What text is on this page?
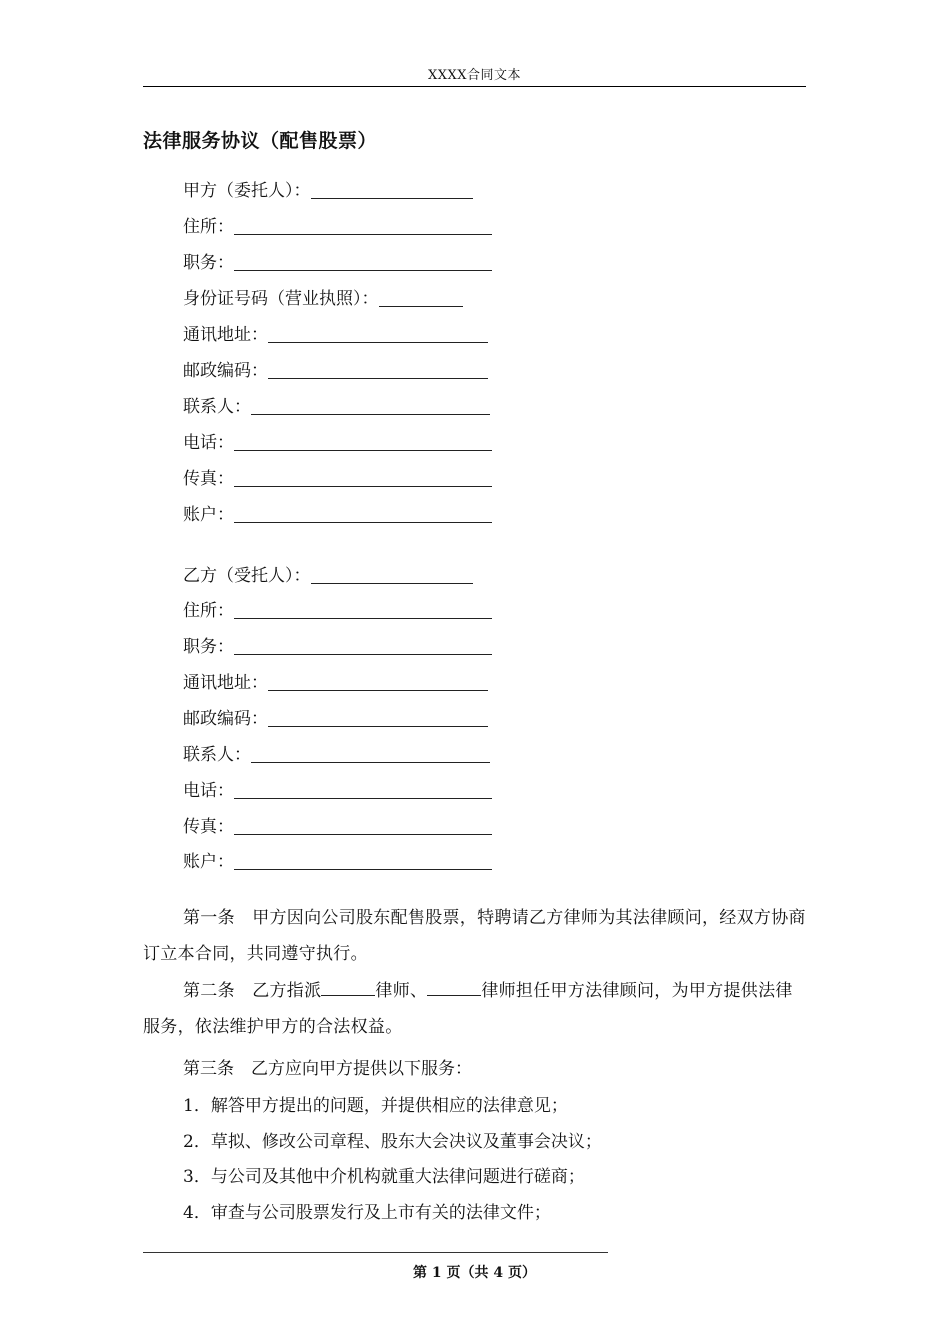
XXXX合同文本
法律服务协议（配售股票）
甲方（委托人）：
住所：
职务：
身份证号码（营业执照）：
通讯地址：
邮政编码：
联系人：
电话：
传真：
账户：
乙方（受托人）：
住所：
职务：
通讯地址：
邮政编码：
联系人：
电话：
传真：
账户：
第一条　甲方因向公司股东配售股票，特聘请乙方律师为其法律顾问，经双方协商订立本合同，共同遵守执行。
第二条　乙方指派	律师、	律师担任甲方法律顾问，为甲方提供法律服务，依法维护甲方的合法权益。
第三条　乙方应向甲方提供以下服务：
1．解答甲方提出的问题，并提供相应的法律意见；
2．草拟、修改公司章程、股东大会决议及董事会决议；
3．与公司及其他中介机构就重大法律问题进行磋商；
4．审查与公司股票发行及上市有关的法律文件；
第 1 页（共 4 页）
